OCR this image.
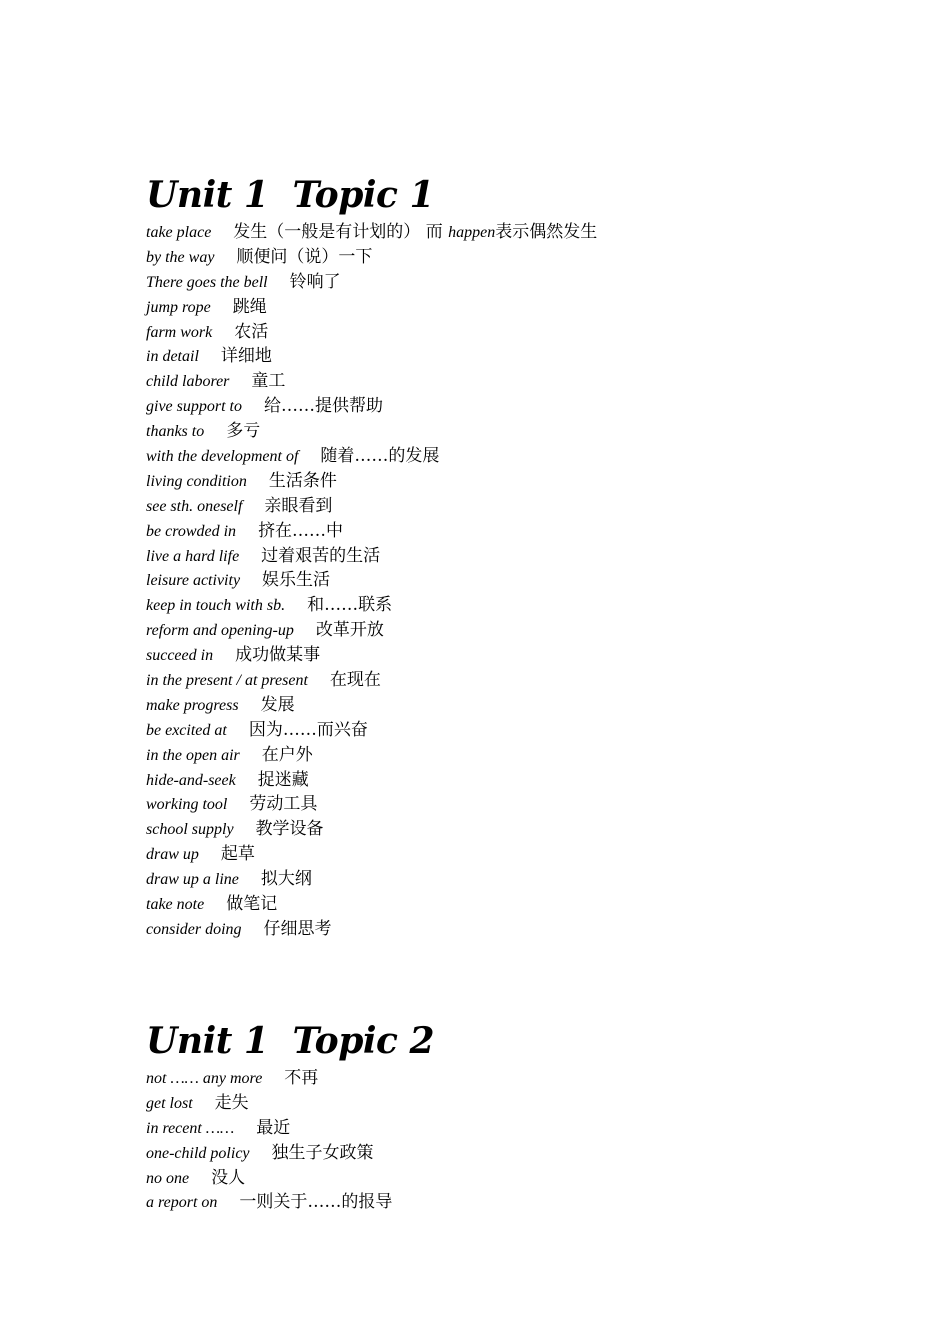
Unit 1  Topic 1
take place 发生（一般是有计划的） 而 happen表示偶然发生
by the way 顺便问（说）一下
There goes the bell 铃响了
jump rope 跳绳
farm work 农活
in detail 详细地
child laborer 童工
give support to 给……提供帮助
thanks to 多亏
with the development of 随着……的发展
living condition 生活条件
see sth. oneself 亲眼看到
be crowded in 挤在……中
live a hard life 过着艰苦的生活
leisure activity 娱乐生活
keep in touch with sb. 和……联系
reform and opening-up 改革开放
succeed in 成功做某事
in the present / at present 在现在
make progress 发展
be excited at 因为……而兴奋
in the open air 在户外
hide-and-seek 捉迷藏
working tool 劳动工具
school supply 教学设备
draw up 起草
draw up a line 拟大纲
take note 做笔记
consider doing 仔细思考
Unit 1  Topic 2
not …… any more 不再
get lost 走失
in recent …… 最近
one-child policy 独生子女政策
no one 没人
a report on 一则关于……的报导
